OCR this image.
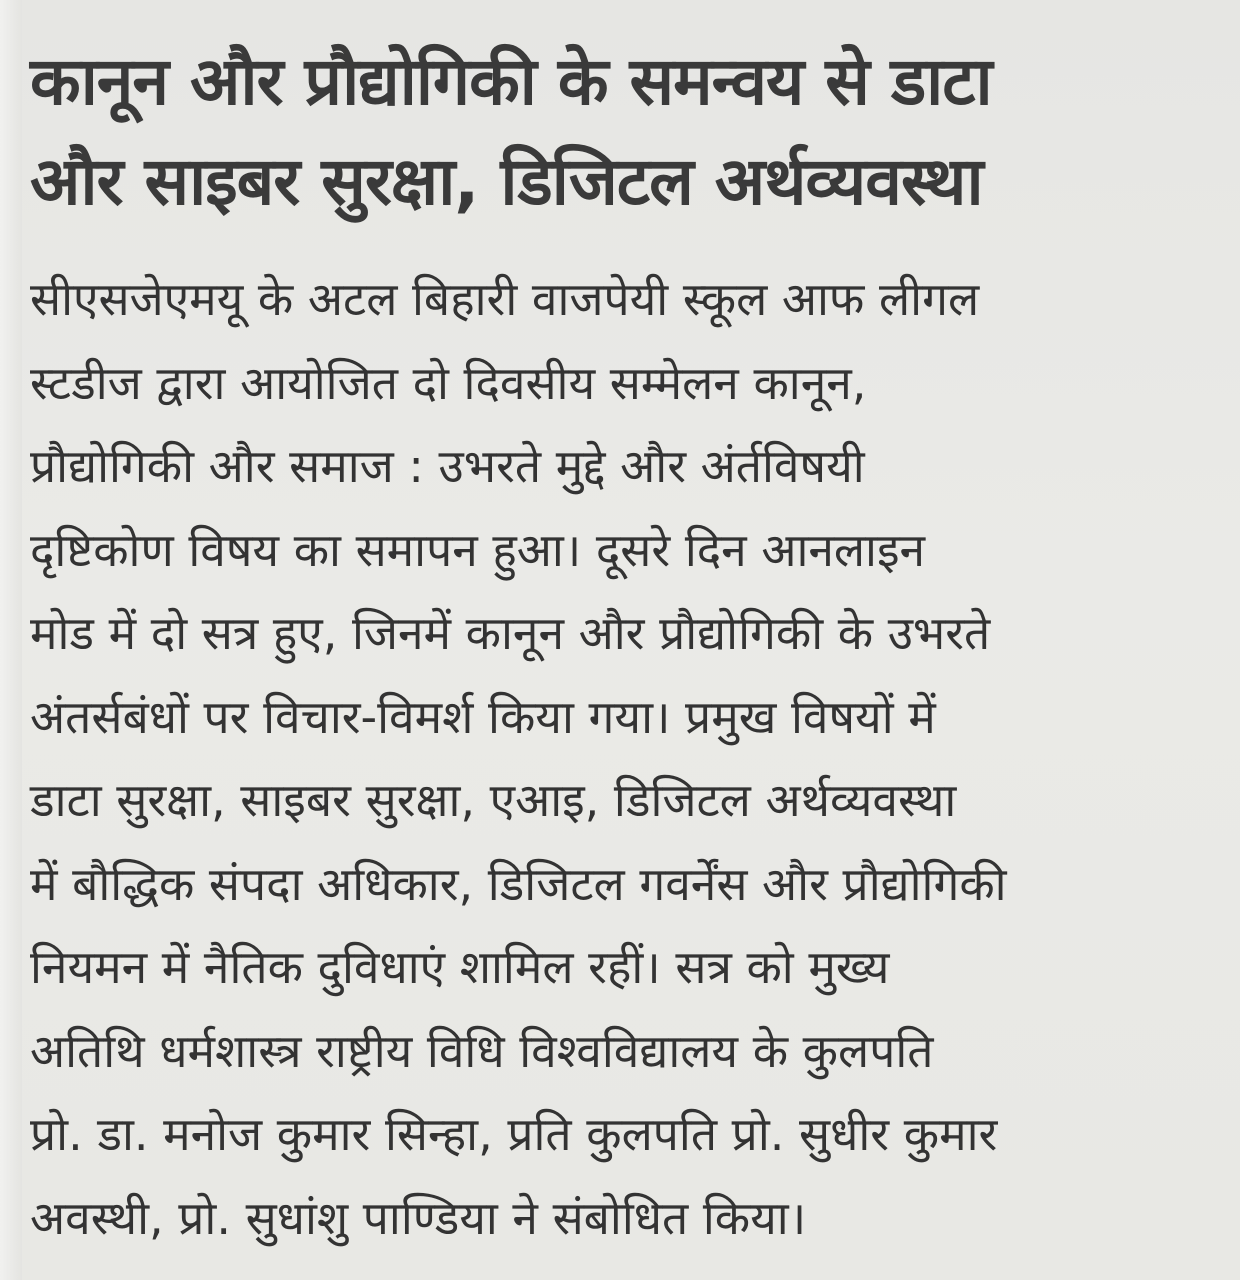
कानून और प्रौद्योगिकी के समन्वय से डाटा
और साइबर सुरक्षा, डिजिटल अर्थव्यवस्था
सीएसजेएमयू के अटल बिहारी वाजपेयी स्कूल आफ लीगल
स्टडीज द्वारा आयोजित दो दिवसीय सम्मेलन कानून,
प्रौद्योगिकी और समाज : उभरते मुद्दे और अंर्तविषयी
दृष्टिकोण विषय का समापन हुआ। दूसरे दिन आनलाइन
मोड में दो सत्र हुए, जिनमें कानून और प्रौद्योगिकी के उभरते
अंतर्सबंधों पर विचार-विमर्श किया गया। प्रमुख विषयों में
डाटा सुरक्षा, साइबर सुरक्षा, एआइ, डिजिटल अर्थव्यवस्था
में बौद्धिक संपदा अधिकार, डिजिटल गवर्नेंस और प्रौद्योगिकी
नियमन में नैतिक दुविधाएं शामिल रहीं। सत्र को मुख्य
अतिथि धर्मशास्त्र राष्ट्रीय विधि विश्वविद्यालय के कुलपति
प्रो. डा. मनोज कुमार सिन्हा, प्रति कुलपति प्रो. सुधीर कुमार
अवस्थी, प्रो. सुधांशु पाण्डिया ने संबोधित किया।
